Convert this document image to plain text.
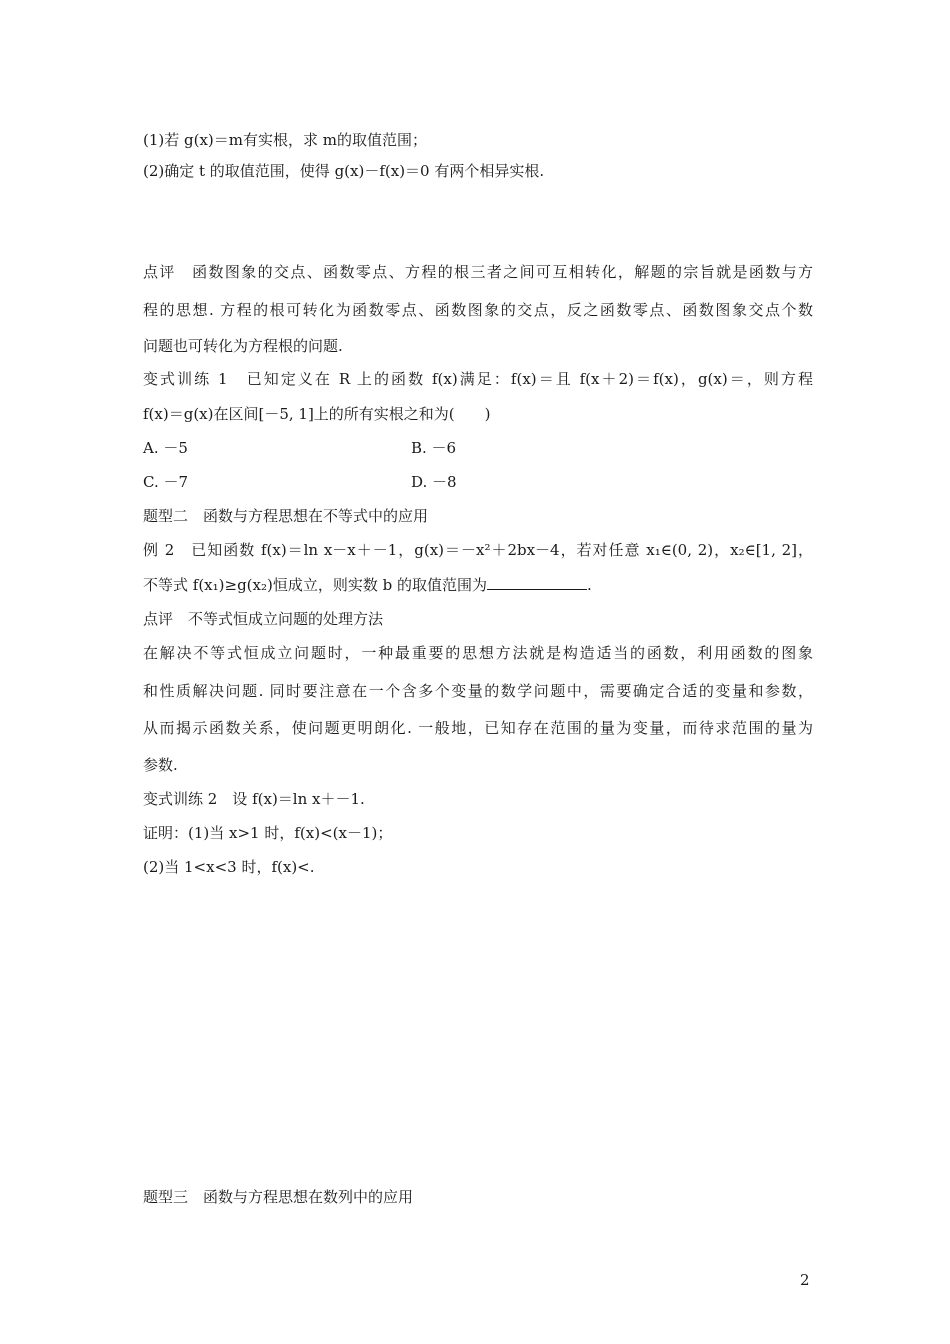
(1)若 g(x)＝m有实根，求 m的取值范围；
(2)确定 t 的取值范围，使得 g(x)－f(x)＝0 有两个相异实根.
点评　函数图象的交点、函数零点、方程的根三者之间可互相转化，解题的宗旨就是函数与方
程的思想. 方程的根可转化为函数零点、函数图象的交点，反之函数零点、函数图象交点个数
问题也可转化为方程根的问题.
变式训练 1　已知定义在 R 上的函数 f(x)满足：f(x)＝且 f(x＋2)＝f(x)，g(x)＝，则方程
f(x)＝g(x)在区间[－5, 1]上的所有实根之和为(　　)
A. －5	B. －6
C. －7	D. －8
题型二　函数与方程思想在不等式中的应用
例 2　已知函数 f(x)＝ln x－x＋－1，g(x)＝－x²＋2bx－4，若对任意 x₁∈(0, 2)，x₂∈[1, 2]，
不等式 f(x₁)≥g(x₂)恒成立，则实数 b 的取值范围为	.
点评　不等式恒成立问题的处理方法
在解决不等式恒成立问题时，一种最重要的思想方法就是构造适当的函数，利用函数的图象
和性质解决问题. 同时要注意在一个含多个变量的数学问题中，需要确定合适的变量和参数，
从而揭示函数关系，使问题更明朗化. 一般地，已知存在范围的量为变量，而待求范围的量为
参数.
变式训练 2　设 f(x)＝ln x＋－1.
证明：(1)当 x>1 时，f(x)<(x－1)；
(2)当 1<x<3 时，f(x)<.
题型三　函数与方程思想在数列中的应用
2
